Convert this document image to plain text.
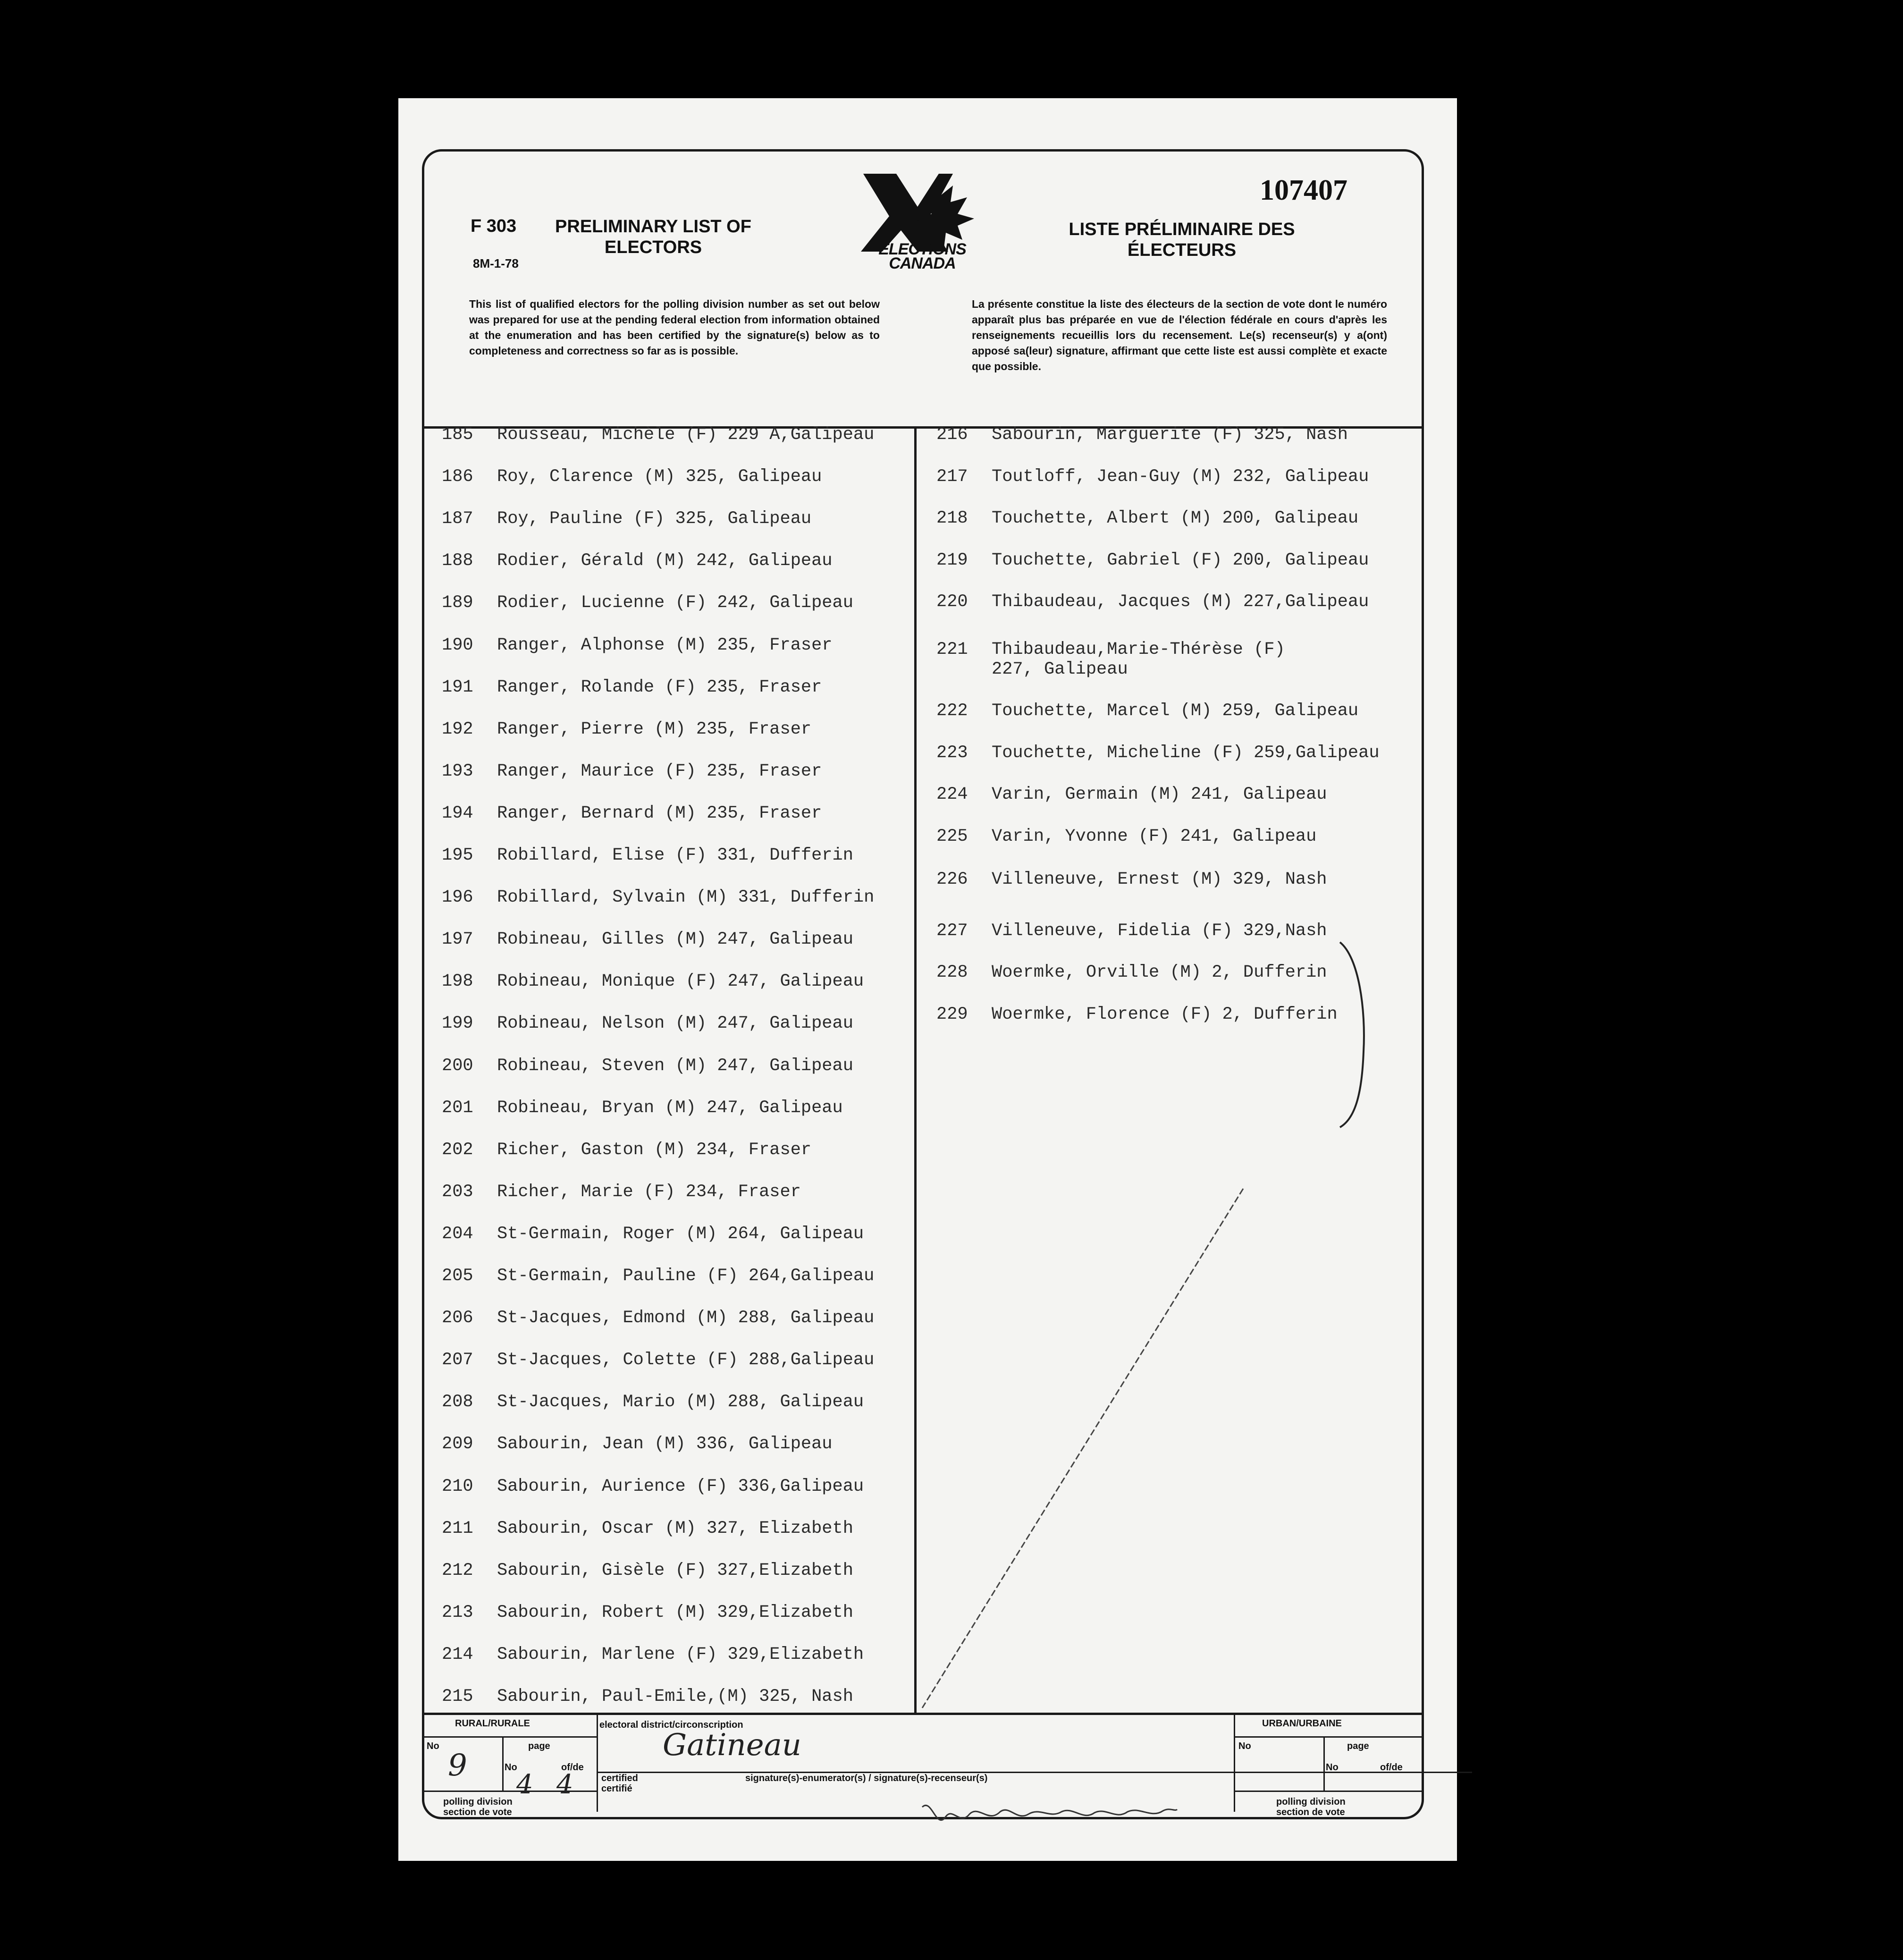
107407
F 303
8M-1-78
PRELIMINARY LIST OF ELECTORS
LISTE PRÉLIMINAIRE DES ÉLECTEURS
ELECTIONS CANADA
This list of qualified electors for the polling division number as set out below was prepared for use at the pending federal election from information obtained at the enumeration and has been certified by the signature(s) below as to completeness and correctness so far as is possible.
La présente constitue la liste des électeurs de la section de vote dont le numéro apparaît plus bas préparée en vue de l'élection fédérale en cours d'après les renseignements recueillis lors du recensement. Le(s) recenseur(s) y a(ont) apposé sa(leur) signature, affirmant que cette liste est aussi complète et exacte que possible.
185 Rousseau, Michèle (F) 229 A,Galipeau
186 Roy, Clarence (M) 325, Galipeau
187 Roy, Pauline (F) 325, Galipeau
188 Rodier, Gérald (M) 242, Galipeau
189 Rodier, Lucienne (F) 242, Galipeau
190 Ranger, Alphonse (M) 235, Fraser
191 Ranger, Rolande (F) 235, Fraser
192 Ranger, Pierre (M) 235, Fraser
193 Ranger, Maurice (F) 235, Fraser
194 Ranger, Bernard (M) 235, Fraser
195 Robillard, Elise (F) 331, Dufferin
196 Robillard, Sylvain (M) 331, Dufferin
197 Robineau, Gilles (M) 247, Galipeau
198 Robineau, Monique (F) 247, Galipeau
199 Robineau, Nelson (M) 247, Galipeau
200 Robineau, Steven (M) 247, Galipeau
201 Robineau, Bryan (M) 247, Galipeau
202 Richer, Gaston (M) 234, Fraser
203 Richer, Marie (F) 234, Fraser
204 St-Germain, Roger (M) 264, Galipeau
205 St-Germain, Pauline (F) 264,Galipeau
206 St-Jacques, Edmond (M) 288, Galipeau
207 St-Jacques, Colette (F) 288,Galipeau
208 St-Jacques, Mario (M) 288, Galipeau
209 Sabourin, Jean (M) 336, Galipeau
210 Sabourin, Aurience (F) 336,Galipeau
211 Sabourin, Oscar (M) 327, Elizabeth
212 Sabourin, Gisèle (F) 327,Elizabeth
213 Sabourin, Robert (M) 329,Elizabeth
214 Sabourin, Marlene (F) 329,Elizabeth
215 Sabourin, Paul-Emile,(M) 325, Nash
216 Sabourin, Marguerite (F) 325, Nash
217 Toutloff, Jean-Guy (M) 232, Galipeau
218 Touchette, Albert (M) 200, Galipeau
219 Touchette, Gabriel (F) 200, Galipeau
220 Thibaudeau, Jacques (M) 227,Galipeau
221 Thibaudeau,Marie-Thérèse (F)
227, Galipeau
222 Touchette, Marcel (M) 259, Galipeau
223 Touchette, Micheline (F) 259,Galipeau
224 Varin, Germain (M) 241, Galipeau
225 Varin, Yvonne (F) 241, Galipeau
226 Villeneuve, Ernest (M) 329, Nash
227 Villeneuve, Fidelia (F) 329,Nash
228 Woermke, Orville (M) 2, Dufferin
229 Woermke, Florence (F) 2, Dufferin
RURAL/RURALE	URBAN/URBAINE
electoral district/circonscription
Gatineau
No	page
No	of/de
9
4 4
polling division
section de vote
No	page
No	of/de
polling division
section de vote
certified
certifié
signature(s)-enumerator(s) / signature(s)-recenseur(s)
